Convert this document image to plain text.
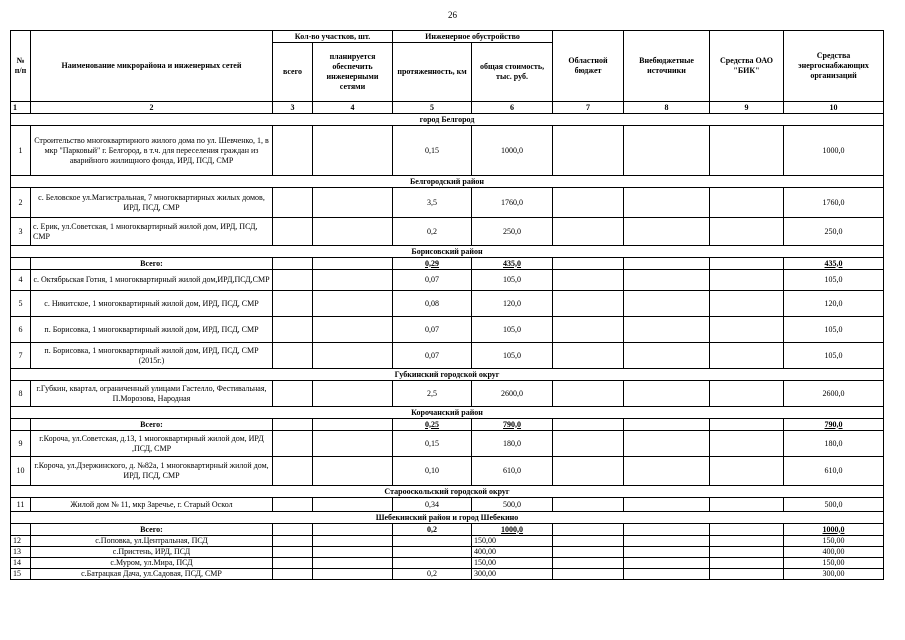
26
№ п/п	Наименование микрорайона и инженерных сетей	Кол-во участков, шт.		Инженерное обустройство		Областной бюджет	Внебюджетные источники	Средства ОАО "БИК"	Средства энергоснабжающих организаций
		всего	планируется обеспечить инженерными сетями	протяженность, км	общая стоимость, тыс. руб.				
1	2	3	4	5	6	7	8	9	10
город Белгород									
1	Строительство многоквартирного жилого дома по ул. Шевченко, 1, в мкр "Парковый" г. Белгород, в т.ч. для переселения граждан из аварийного жилищного фонда, ИРД, ПСД, СМР			0,15	1000,0				1000,0
Белгородский район									
2	с. Беловское ул.Магистральная, 7 многоквартирных жилых домов, ИРД, ПСД, СМР			3,5	1760,0				1760,0
3	с. Ерик, ул.Советская, 1 многоквартирный жилой дом, ИРД, ПСД, СМР			0,2	250,0				250,0
Борисовский район									
	Всего:			0,29	435,0				435,0
4	с. Октябрьская Готня, 1 многоквартирный жилой дом,ИРД,ПСД,СМР			0,07	105,0				105,0
5	с. Никитское, 1 многоквартирный жилой дом, ИРД, ПСД, СМР			0,08	120,0				120,0
6	п. Борисовка, 1 многоквартирный жилой дом, ИРД, ПСД, СМР			0,07	105,0				105,0
7	п. Борисовка, 1 многоквартирный жилой дом, ИРД, ПСД, СМР (2015г.)			0,07	105,0				105,0
Губкинский городской округ									
8	г.Губкин, квартал, ограниченный улицами Гастелло, Фестивальная, П.Морозова, Народная			2,5	2600,0				2600,0
Корочанский район									
	Всего:			0,25	790,0				790,0
9	г.Короча, ул.Советская, д.13, 1 многоквартирный жилой дом, ИРД ,ПСД, СМР			0,15	180,0				180,0
10	г.Короча, ул.Дзержинского, д. №82а, 1 многоквартирный жилой дом, ИРД, ПСД, СМР			0,10	610,0				610,0
Старооскольский городской округ									
11	Жилой дом № 11, мкр Заречье, г. Старый Оскол			0,34	500,0				500,0
Шебекинский район и город Шебекино									
	Всего:			0,2	1000,0				1000,0
12	с.Поповка, ул.Центральная, ПСД				150,00				150,00
13	с.Пристень, ИРД, ПСД				400,00				400,00
14	с.Муром, ул.Мира, ПСД				150,00				150,00
15	с.Батрацкая Дача, ул.Садовая, ПСД, СМР			0,2	300,00				300,00
